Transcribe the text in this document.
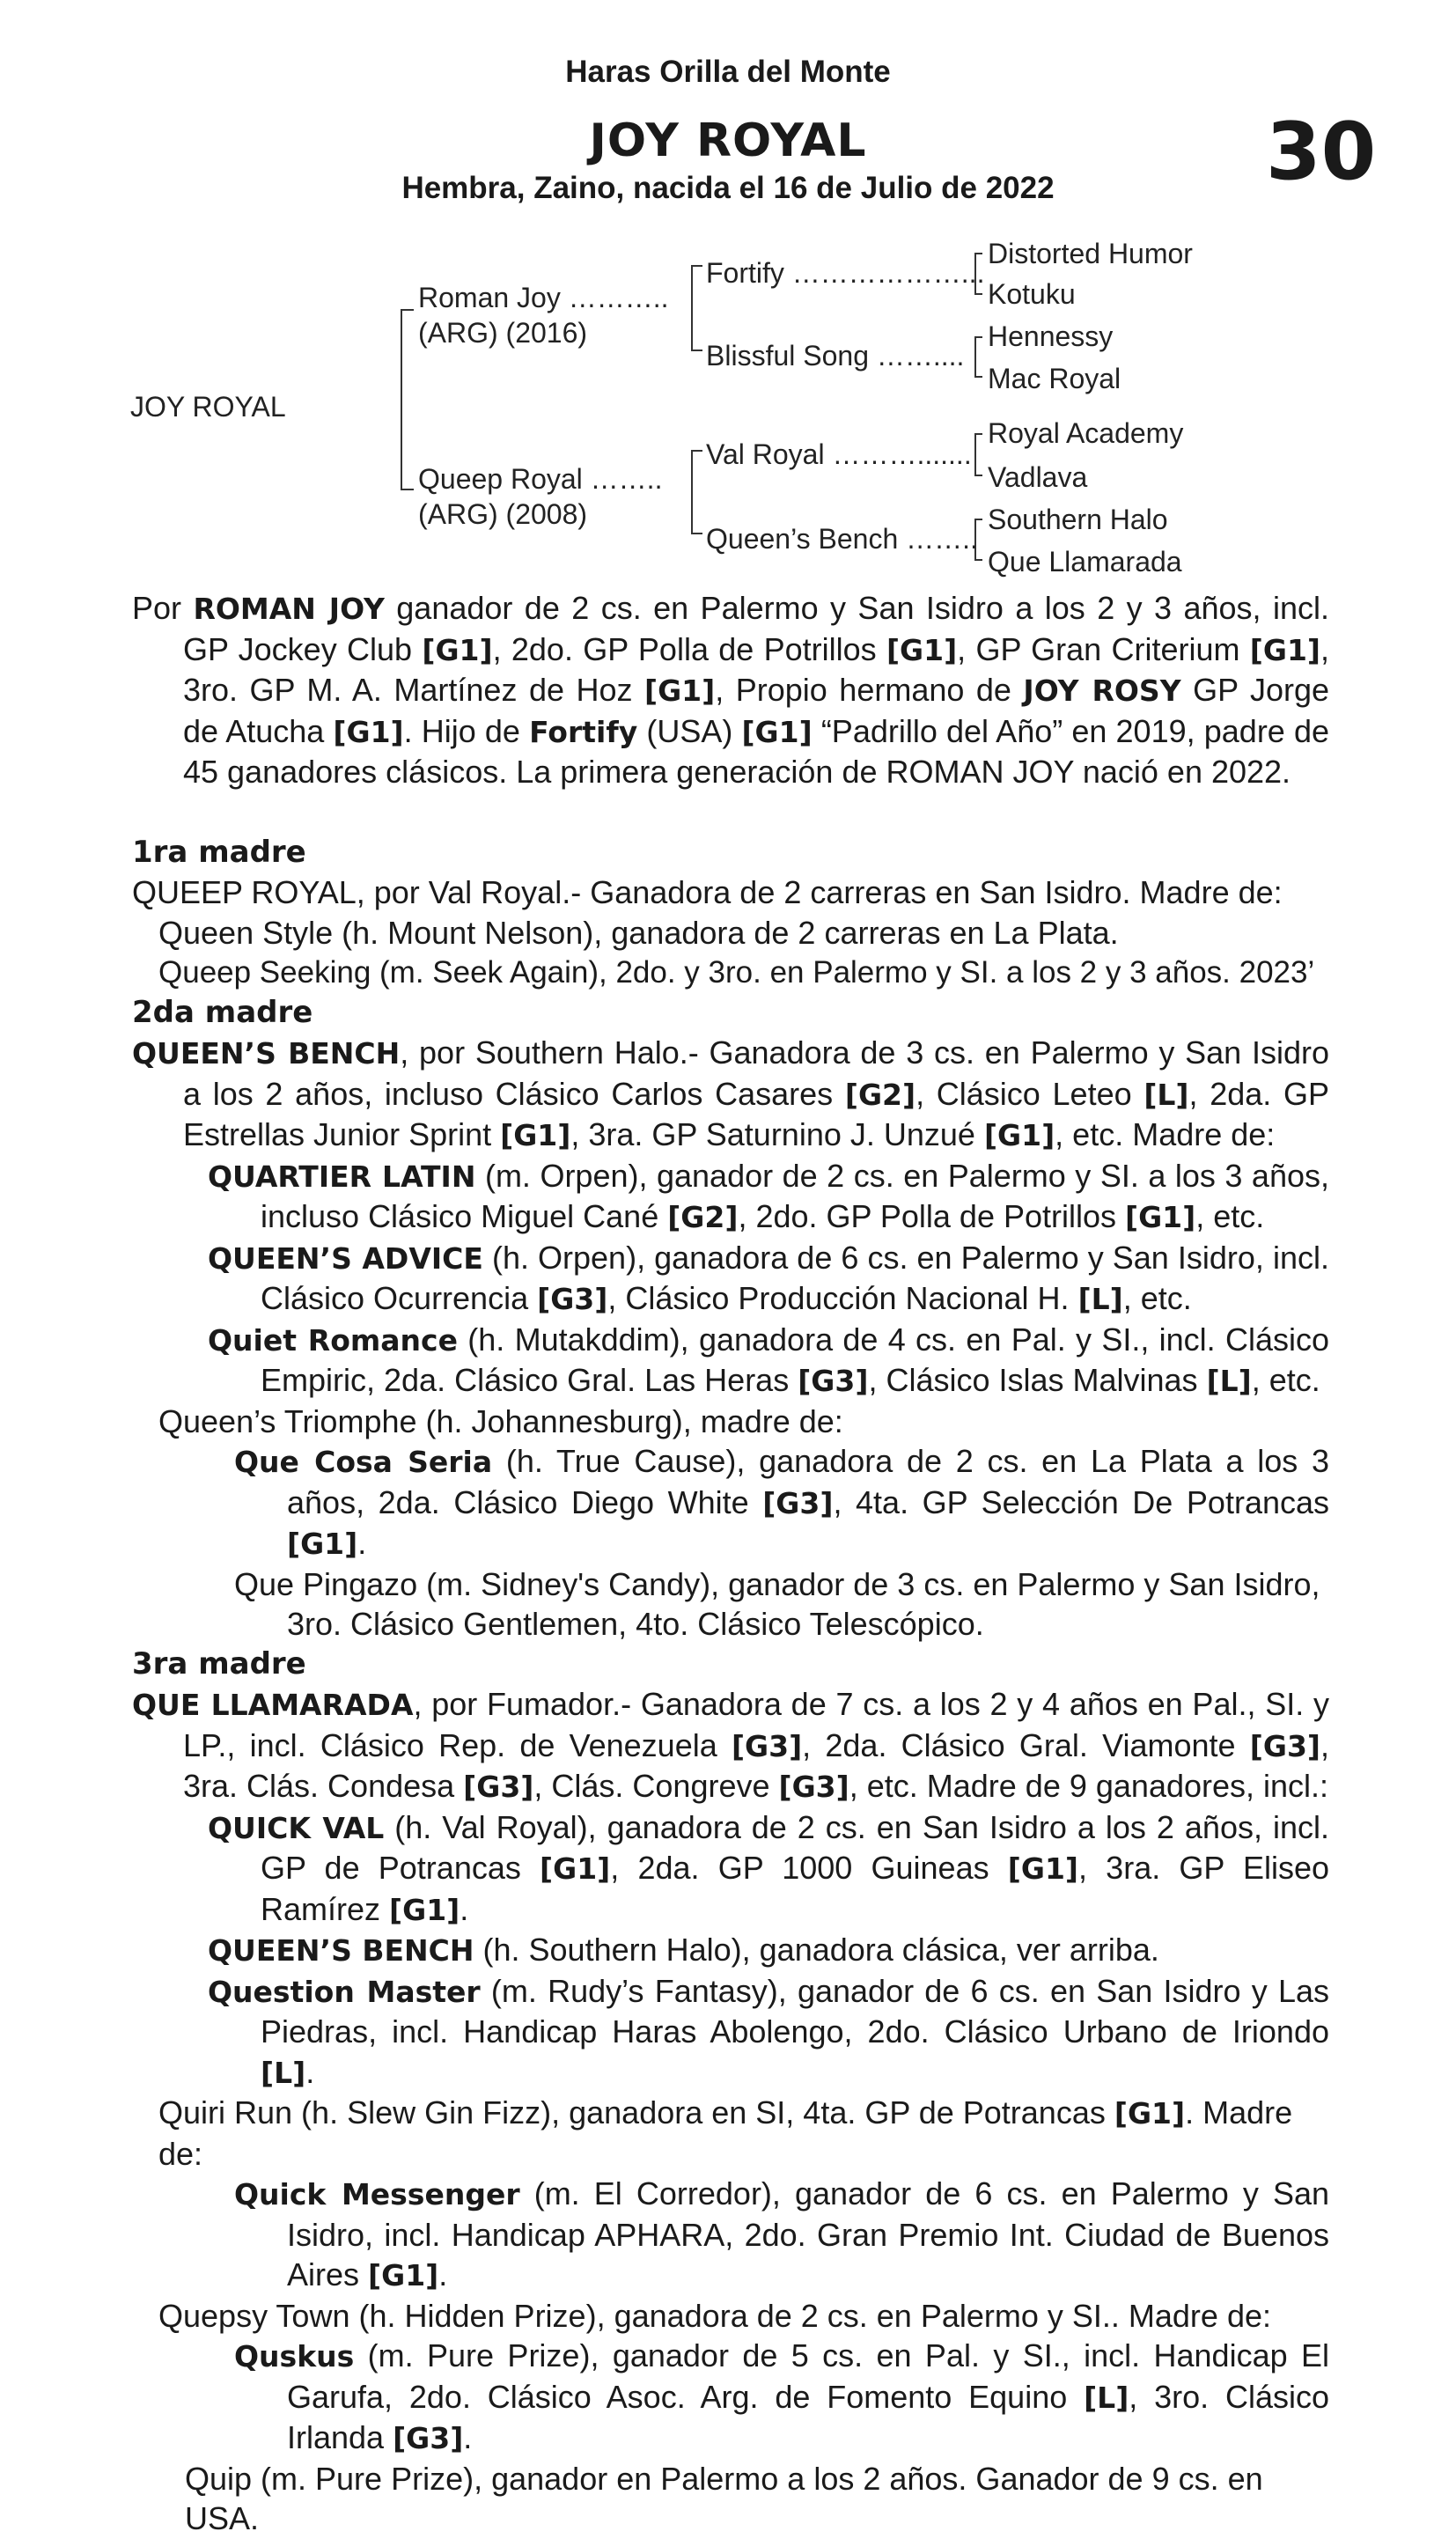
Haras Orilla del Monte
JOY ROYAL
Hembra, Zaino, nacida el 16 de Julio de 2022	30
JOY ROYAL
Roman Joy ………..
(ARG) (2016)
Queep Royal ……..
(ARG) (2008)
Fortify ………………...
Blissful Song ……....
Val Royal ……….......
Queen’s Bench ……..
Distorted Humor
Kotuku
Hennessy
Mac Royal
Royal Academy
Vadlava
Southern Halo
Que Llamarada

Por ROMAN JOY ganador de 2 cs. en Palermo y San Isidro a los 2 y 3 años, incl. GP Jockey Club [G1], 2do. GP Polla de Potrillos [G1], GP Gran Criterium [G1], 3ro. GP M. A. Martínez de Hoz [G1], Propio hermano de JOY ROSY GP Jorge de Atucha [G1]. Hijo de Fortify (USA) [G1] “Padrillo del Año” en 2019, padre de 45 ganadores clásicos. La primera generación de ROMAN JOY nació en 2022.

1ra madre

QUEEP ROYAL, por Val Royal.- Ganadora de 2 carreras en San Isidro. Madre de:

Queen Style (h. Mount Nelson), ganadora de 2 carreras en La Plata.

Queep Seeking (m. Seek Again), 2do. y 3ro. en Palermo y SI. a los 2 y 3 años. 2023’

2da madre

QUEEN’S BENCH, por Southern Halo.- Ganadora de 3 cs. en Palermo y San Isidro a los 2 años, incluso Clásico Carlos Casares [G2], Clásico Leteo [L], 2da. GP Estrellas Junior Sprint [G1], 3ra. GP Saturnino J. Unzué [G1], etc. Madre de:

QUARTIER LATIN (m. Orpen), ganador de 2 cs. en Palermo y SI. a los 3 años, incluso Clásico Miguel Cané [G2], 2do. GP Polla de Potrillos [G1], etc.

QUEEN’S ADVICE (h. Orpen), ganadora de 6 cs. en Palermo y San Isidro, incl. Clásico Ocurrencia [G3], Clásico Producción Nacional H. [L], etc.

Quiet Romance (h. Mutakddim), ganadora de 4 cs. en Pal. y SI., incl. Clásico Empiric, 2da. Clásico Gral. Las Heras [G3], Clásico Islas Malvinas [L], etc.

Queen’s Triomphe (h. Johannesburg), madre de:

Que Cosa Seria (h. True Cause), ganadora de 2 cs. en La Plata a los 3 años, 2da. Clásico Diego White [G3], 4ta. GP Selección De Potrancas [G1].

Que Pingazo (m. Sidney's Candy), ganador de 3 cs. en Palermo y San Isidro, 3ro. Clásico Gentlemen, 4to. Clásico Telescópico.

3ra madre

QUE LLAMARADA, por Fumador.- Ganadora de 7 cs. a los 2 y 4 años en Pal., SI. y LP., incl. Clásico Rep. de Venezuela [G3], 2da. Clásico Gral. Viamonte [G3], 3ra. Clás. Condesa [G3], Clás. Congreve [G3], etc. Madre de 9 ganadores, incl.:

QUICK VAL (h. Val Royal), ganadora de 2 cs. en San Isidro a los 2 años, incl. GP de Potrancas [G1], 2da. GP 1000 Guineas [G1], 3ra. GP Eliseo Ramírez [G1].

QUEEN’S BENCH (h. Southern Halo), ganadora clásica, ver arriba.

Question Master (m. Rudy’s Fantasy), ganador de 6 cs. en San Isidro y Las Piedras, incl. Handicap Haras Abolengo, 2do. Clásico Urbano de Iriondo [L].

Quiri Run (h. Slew Gin Fizz), ganadora en SI, 4ta. GP de Potrancas [G1]. Madre de:

Quick Messenger (m. El Corredor), ganador de 6 cs. en Palermo y San Isidro, incl. Handicap APHARA, 2do. Gran Premio Int. Ciudad de Buenos Aires [G1].

Quepsy Town (h. Hidden Prize), ganadora de 2 cs. en Palermo y SI.. Madre de:

Quskus (m. Pure Prize), ganador de 5 cs. en Pal. y SI., incl. Handicap El Garufa, 2do. Clásico Asoc. Arg. de Fomento Equino [L], 3ro. Clásico Irlanda [G3].

Quip (m. Pure Prize), ganador en Palermo a los 2 años. Ganador de 9 cs. en USA.
